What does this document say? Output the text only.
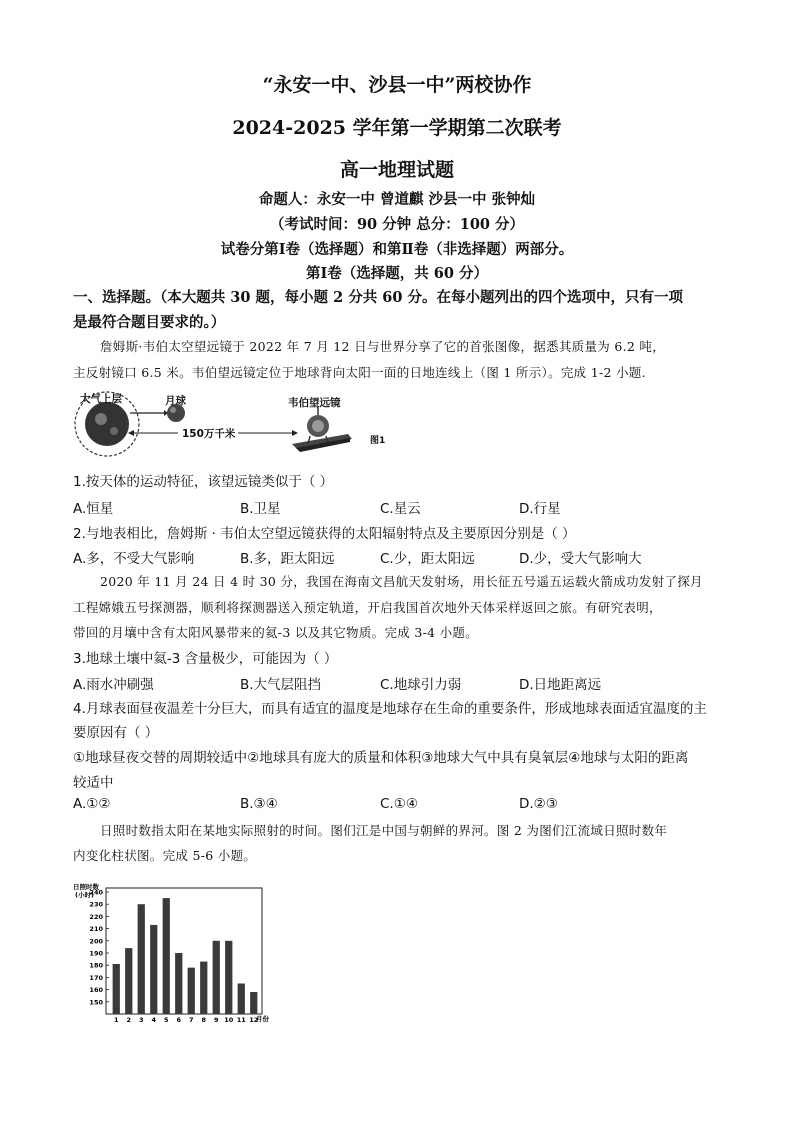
“永安一中、沙县一中”两校协作
2024-2025 学年第一学期第二次联考
高一地理试题
命题人：永安一中 曾道麒 沙县一中 张钟灿
（考试时间：90 分钟 总分：100 分）
试卷分第Ⅰ卷（选择题）和第Ⅱ卷（非选择题）两部分。
第Ⅰ卷（选择题，共 60 分）
一、选择题。（本大题共 30 题，每小题 2 分共 60 分。在每小题列出的四个选项中，只有一项
是最符合题目要求的。）
詹姆斯·韦伯太空望远镜于 2022 年 7 月 12 日与世界分享了它的首张图像，据悉其质量为 6.2 吨，
主反射镜口 6.5 米。韦伯望远镜定位于地球背向太阳一面的日地连线上（图 1 所示）。完成 1-2 小题.
大气上层	月球	韦伯望远镜
150万千米
图1
1.按天体的运动特征，该望远镜类似于（ ）
A.恒星	B.卫星	C.星云	D.行星
2.与地表相比，詹姆斯 · 韦伯太空望远镜获得的太阳辐射特点及主要原因分别是（ ）
A.多，不受大气影响	B.多，距太阳远	C.少，距太阳远	D.少，受大气影响大
2020 年 11 月 24 日 4 时 30 分，我国在海南文昌航天发射场，用长征五号遥五运载火箭成功发射了探月
工程嫦娥五号探测器，顺利将探测器送入预定轨道，开启我国首次地外天体采样返回之旅。有研究表明，
带回的月壤中含有太阳风暴带来的氦-3 以及其它物质。完成 3-4 小题。
3.地球土壤中氦-3 含量极少，可能因为（ ）
A.雨水冲刷强	B.大气层阻挡	C.地球引力弱	D.日地距离远
4.月球表面昼夜温差十分巨大，而具有适宜的温度是地球存在生命的重要条件，形成地球表面适宜温度的主
要原因有（ ）
①地球昼夜交替的周期较适中②地球具有庞大的质量和体积③地球大气中具有臭氧层④地球与太阳的距离
较适中
A.①②	B.③④	C.①④	D.②③
日照时数指太阳在某地实际照射的时间。图们江是中国与朝鲜的界河。图 2 为图们江流域日照时数年
内变化柱状图。完成 5-6 小题。
日照时数
(小时)
150
160
170
180
190
200
210
220
230
240
1 2 3 4 5 6 7 8 9 10 11 12
月份
